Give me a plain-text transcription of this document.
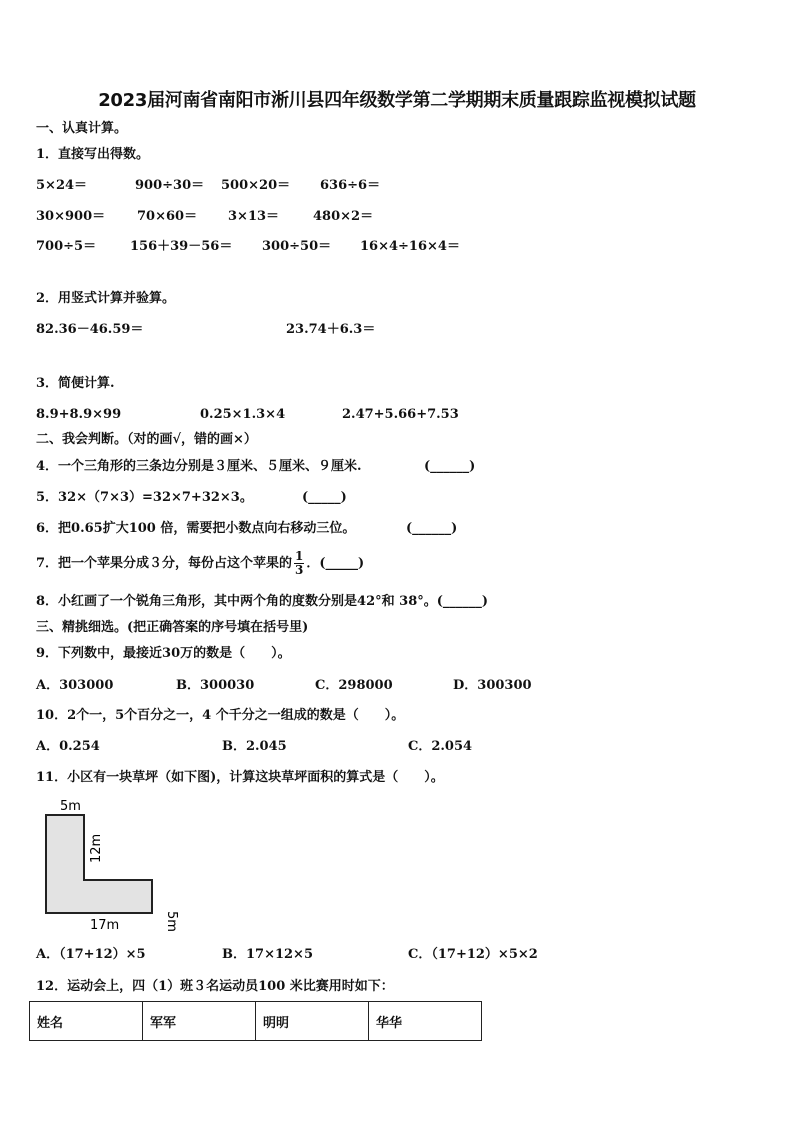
2023届河南省南阳市淅川县四年级数学第二学期期末质量跟踪监视模拟试题
一、认真计算。
1．直接写出得数。
5×24＝	900÷30＝ 500×20＝ 636÷6＝
30×900＝ 70×60＝ 3×13＝	480×2＝
700÷5＝	156＋39－56＝ 300÷50＝ 16×4÷16×4＝
2．用竖式计算并验算。
82.36－46.59＝	23.74＋6.3＝
3．简便计算.
8.9+8.9×99	0.25×1.3×4	2.47+5.66+7.53
二、我会判断。（对的画√，错的画×）
4．一个三角形的三条边分别是３厘米、５厘米、９厘米.	(______)
5．32×（7×3）=32×7+32×3。	(_____)
6．把0.65扩大100 倍，需要把小数点向右移动三位。	(______)
7．把一个苹果分成３分，每份占这个苹果的 $\frac{1}{3}$ ．(_____)
8．小红画了一个锐角三角形，其中两个角的度数分别是42°和 38°。(______)
三、精挑细选。(把正确答案的序号填在括号里)
9．下列数中，最接近30万的数是（　　）。
A．303000	B．300030	C．298000	D．300300
10．2个一，5个百分之一，4 个千分之一组成的数是（　　）。
A．0.254	B．2.045	C．2.054
11．小区有一块草坪（如下图)，计算这块草坪面积的算式是（　　）。
5m
12m
5m
17m
A．（17+12）×5	B．17×12×5	C．（17+12）×5×2
12．运动会上，四（1）班３名运动员100 米比赛用时如下：
姓名	军军	明明	华华
